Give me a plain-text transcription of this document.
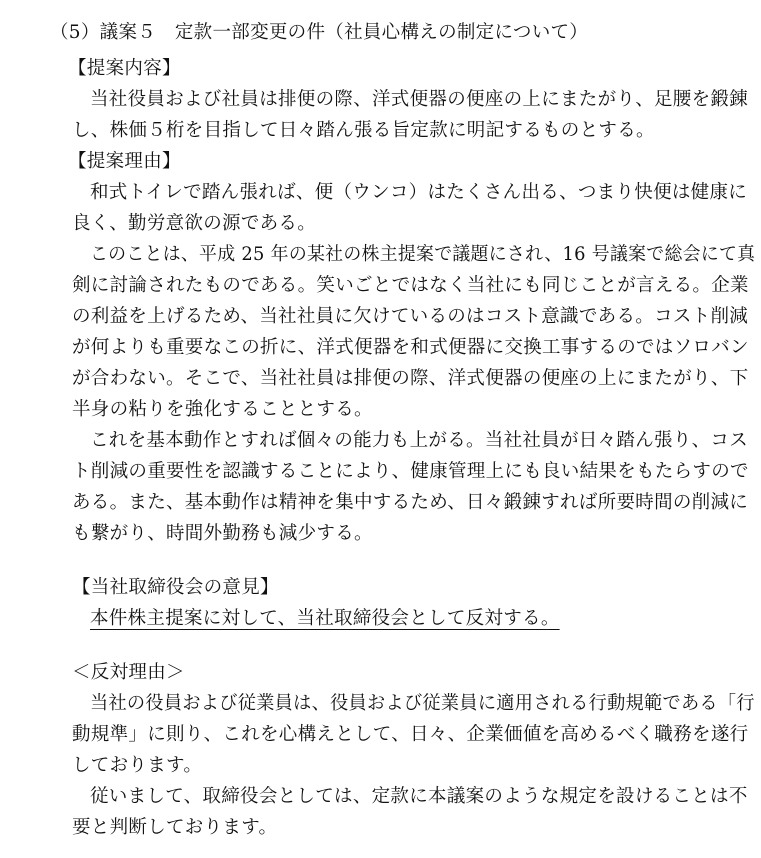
（5）議案５　定款一部変更の件（社員心構えの制定について）
【提案内容】
当社役員および社員は排便の際、洋式便器の便座の上にまたがり、足腰を鍛錬
し、株価５桁を目指して日々踏ん張る旨定款に明記するものとする。
【提案理由】
和式トイレで踏ん張れば、便（ウンコ）はたくさん出る、つまり快便は健康に
良く、勤労意欲の源である。
このことは、平成 25 年の某社の株主提案で議題にされ、16 号議案で総会にて真
剣に討論されたものである。笑いごとではなく当社にも同じことが言える。企業
の利益を上げるため、当社社員に欠けているのはコスト意識である。コスト削減
が何よりも重要なこの折に、洋式便器を和式便器に交換工事するのではソロバン
が合わない。そこで、当社社員は排便の際、洋式便器の便座の上にまたがり、下
半身の粘りを強化することとする。
これを基本動作とすれば個々の能力も上がる。当社社員が日々踏ん張り、コス
ト削減の重要性を認識することにより、健康管理上にも良い結果をもたらすので
ある。また、基本動作は精神を集中するため、日々鍛錬すれば所要時間の削減に
も繋がり、時間外勤務も減少する。
【当社取締役会の意見】
本件株主提案に対して、当社取締役会として反対する。
＜反対理由＞
当社の役員および従業員は、役員および従業員に適用される行動規範である「行
動規準」に則り、これを心構えとして、日々、企業価値を高めるべく職務を遂行
しております。
従いまして、取締役会としては、定款に本議案のような規定を設けることは不
要と判断しております。
